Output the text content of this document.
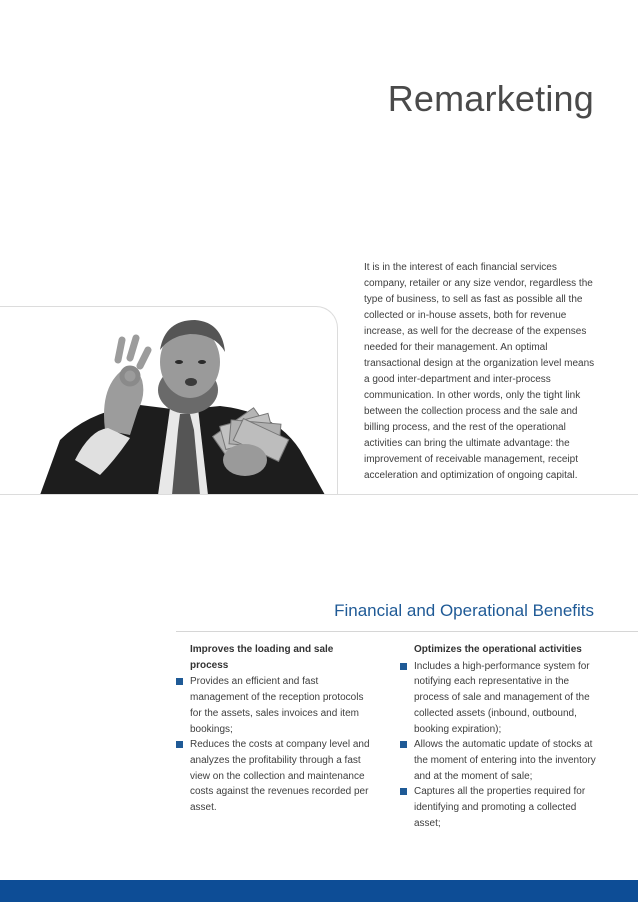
Remarketing
It is in the interest of each financial services company, retailer or any size vendor, regardless the type of business, to sell as fast as possible all the collected or in-house assets, both for revenue increase, as well for the decrease of the expenses needed for their management. An optimal transactional design at the organization level means a good inter-department and inter-process communication. In other words, only the tight link between the collection process and the sale and billing process, and the rest of the operational activities can bring the ultimate advantage: the improvement of receivable management, receipt acceleration and optimization of ongoing capital.
Financial and Operational Benefits
Improves the loading and sale process
Provides an efficient and fast management of the reception protocols for the assets, sales invoices and item bookings;
Reduces the costs at company level and analyzes the profitability through a fast view on the collection and maintenance costs against the revenues recorded per asset.
Optimizes the operational activities
Includes a high-performance system for notifying each representative in the process of sale and management of the collected assets (inbound, outbound, booking expiration);
Allows the automatic update of stocks at the moment of entering into the inventory and at the moment of sale;
Captures all the properties required for identifying and promoting a collected asset;
